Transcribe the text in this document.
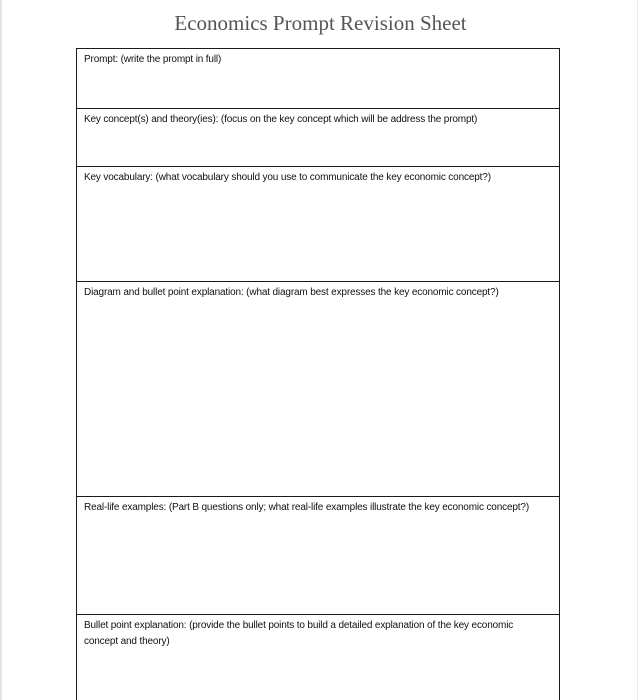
Economics Prompt Revision Sheet
Prompt: (write the prompt in full)
Key concept(s) and theory(ies): (focus on the key concept which will be address the prompt)
Key vocabulary: (what vocabulary should you use to communicate the key economic concept?)
Diagram and bullet point explanation: (what diagram best expresses the key economic concept?)
Real-life examples: (Part B questions only; what real-life examples illustrate the key economic concept?)
Bullet point explanation: (provide the bullet points to build a detailed explanation of the key economic concept and theory)
